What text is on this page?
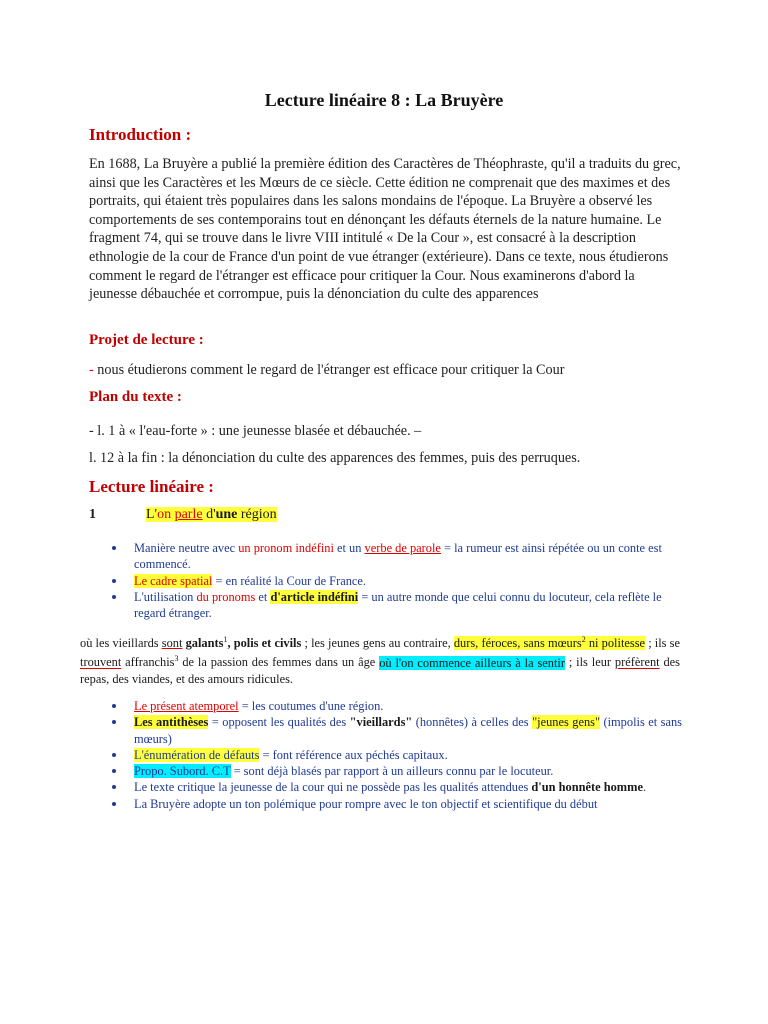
Lecture linéaire 8 : La Bruyère
Introduction :
En 1688, La Bruyère a publié la première édition des Caractères de Théophraste, qu'il a traduits du grec, ainsi que les Caractères et les Mœurs de ce siècle. Cette édition ne comprenait que des maximes et des portraits, qui étaient très populaires dans les salons mondains de l'époque. La Bruyère a observé les comportements de ses contemporains tout en dénonçant les défauts éternels de la nature humaine. Le fragment 74, qui se trouve dans le livre VIII intitulé « De la Cour », est consacré à la description ethnologie de la cour de France d'un point de vue étranger (extérieure). Dans ce texte, nous étudierons comment le regard de l'étranger est efficace pour critiquer la Cour. Nous examinerons d'abord la jeunesse débauchée et corrompue, puis la dénonciation du culte des apparences
Projet de lecture :
- nous étudierons comment le regard de l'étranger est efficace pour critiquer la Cour
Plan du texte :
- l. 1 à « l'eau-forte » : une jeunesse blasée et débauchée. –
l. 12 à la fin : la dénonciation du culte des apparences des femmes, puis des perruques.
Lecture linéaire :
1	L'on parle d'une région
Manière neutre avec un pronom indéfini et un verbe de parole = la rumeur est ainsi répétée ou un conte est commencé.
Le cadre spatial = en réalité la Cour de France.
L'utilisation du pronoms et d'article indéfini = un autre monde que celui connu du locuteur, cela reflète le regard étranger.
où les vieillards sont galants$^1$, polis et civils ; les jeunes gens au contraire, durs, féroces, sans mœurs$^2$ ni politesse ; ils se trouvent affranchis$^3$ de la passion des femmes dans un âge où l'on commence ailleurs à la sentir ; ils leur préfèrent des repas, des viandes, et des amours ridicules.
Le présent atemporel = les coutumes d'une région.
Les antithèses = opposent les qualités des "vieillards" (honnêtes) à celles des "jeunes gens" (impolis et sans mœurs)
L'énumération de défauts = font référence aux péchés capitaux.
Propo. Subord. C.T = sont déjà blasés par rapport à un ailleurs connu par le locuteur.
Le texte critique la jeunesse de la cour qui ne possède pas les qualités attendues d'un honnête homme.
La Bruyère adopte un ton polémique pour rompre avec le ton objectif et scientifique du début
